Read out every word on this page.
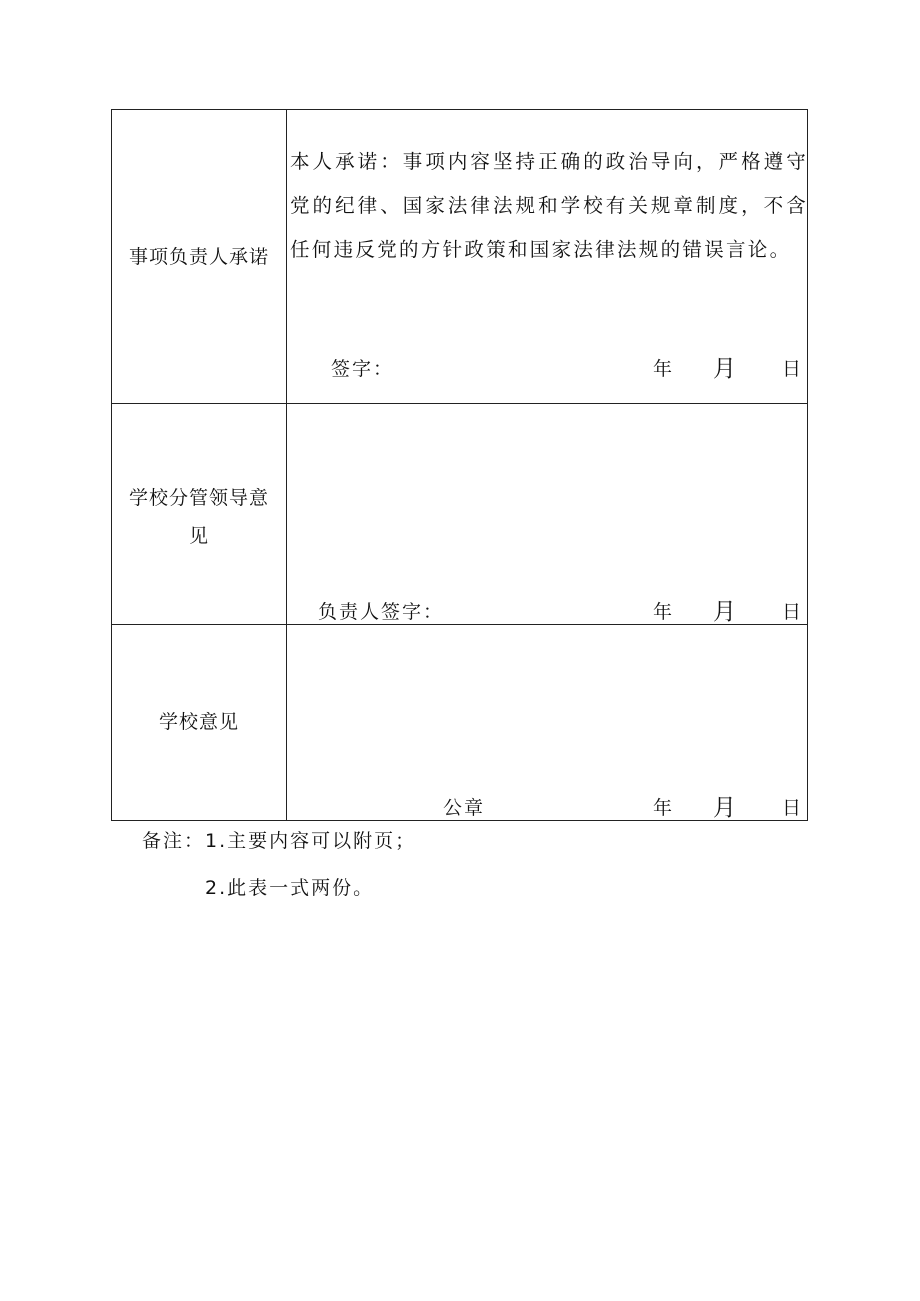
事项负责人承诺

本人承诺：事项内容坚持正确的政治导向，严格遵守党的纪律、国家法律法规和学校有关规章制度，不含任何违反党的方针政策和国家法律法规的错误言论。

签字：	年 月 日
学校分管领导意
见
负责人签字：	年 月 日
学校意见
公章	年 月 日
备注：1.主要内容可以附页；
2.此表一式两份。
